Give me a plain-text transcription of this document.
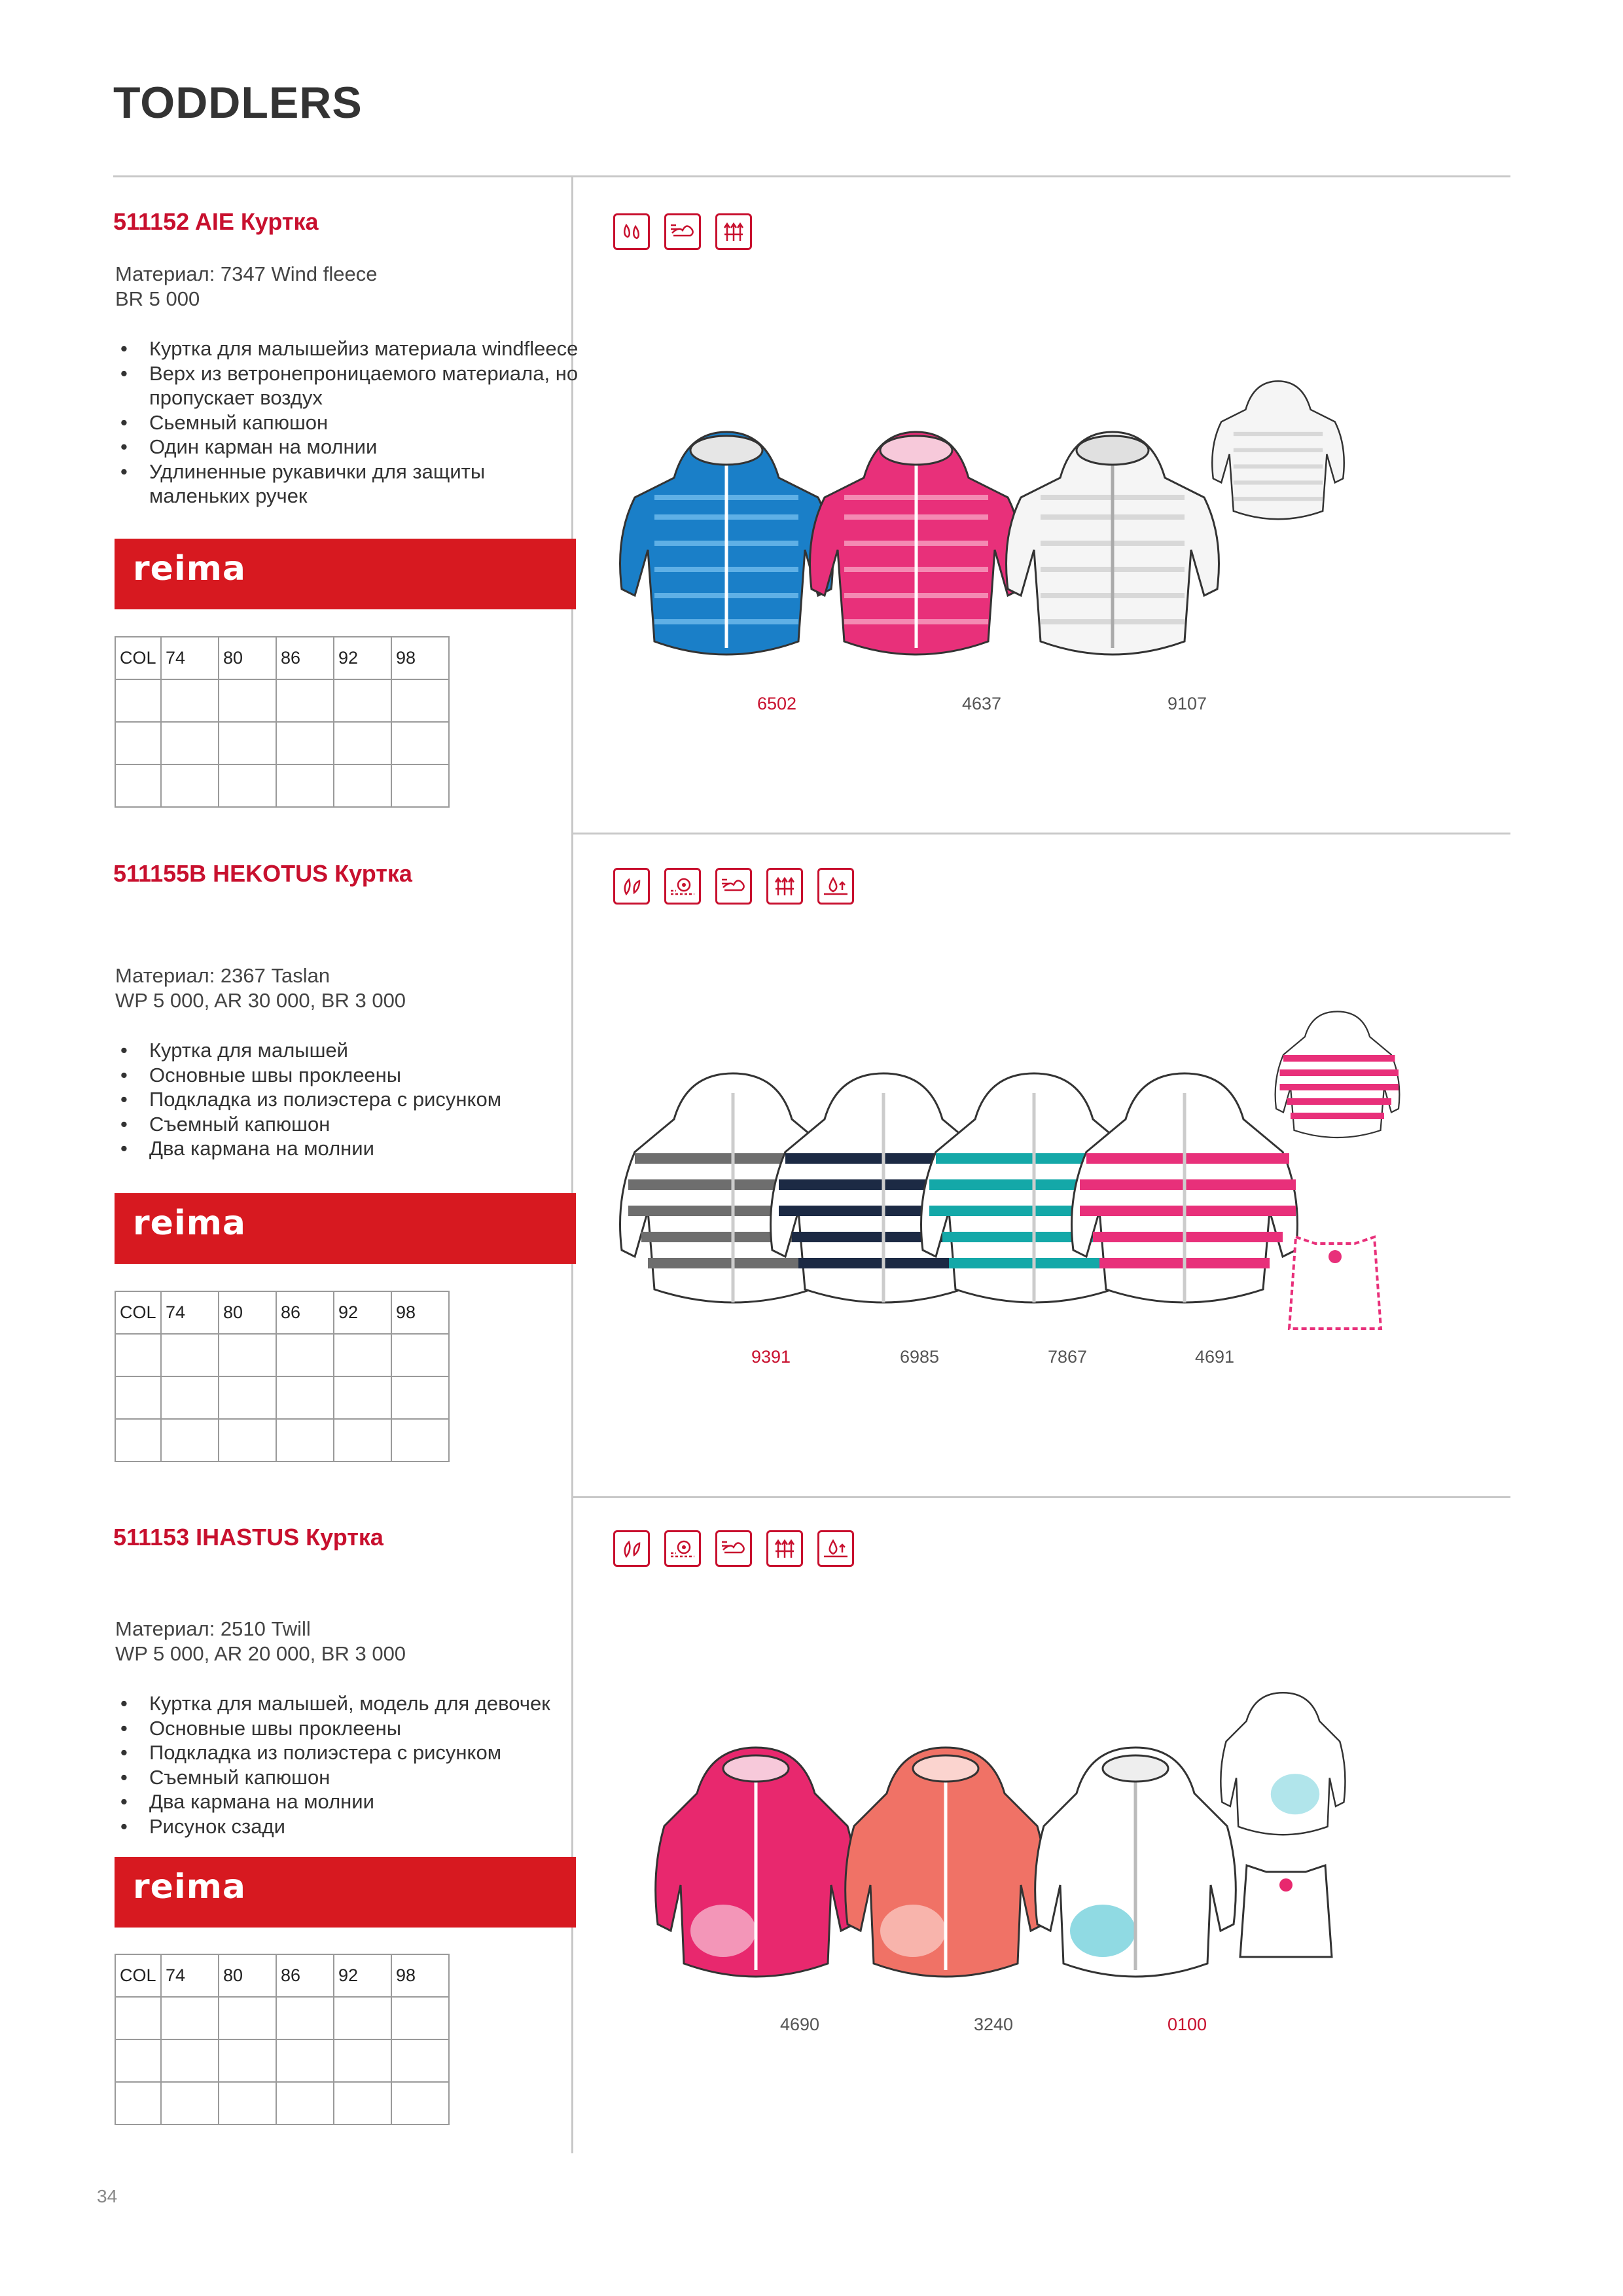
TODDLERS
511152 AIE Куртка
Материал: 7347 Wind fleece
BR 5 000
• Куртка для малышейиз материала windfleece
• Верх из ветронепроницаемого материала, но пропускает воздух
• Сьемный капюшон
• Один карман на молнии
• Удлиненные рукавички для защиты маленьких ручек
reima
COL	74	80	86	92	98

6502	4637	9107
511155B HEKOTUS Куртка
Материал: 2367 Taslan
WP 5 000, AR 30 000, BR 3 000
• Куртка для малышей
• Основные швы проклеены
• Подкладка из полиэстера с рисунком
• Съемный капюшон
• Два кармана на молнии
reima
COL	74	80	86	92	98

9391	6985	7867	4691
511153 IHASTUS Куртка
Материал: 2510 Twill
WP 5 000, AR 20 000, BR 3 000
• Куртка для малышей, модель для девочек
• Основные швы проклеены
• Подкладка из полиэстера с рисунком
• Съемный капюшон
• Два кармана на молнии
• Рисунок сзади
reima
COL	74	80	86	92	98

4690	3240	0100
34
